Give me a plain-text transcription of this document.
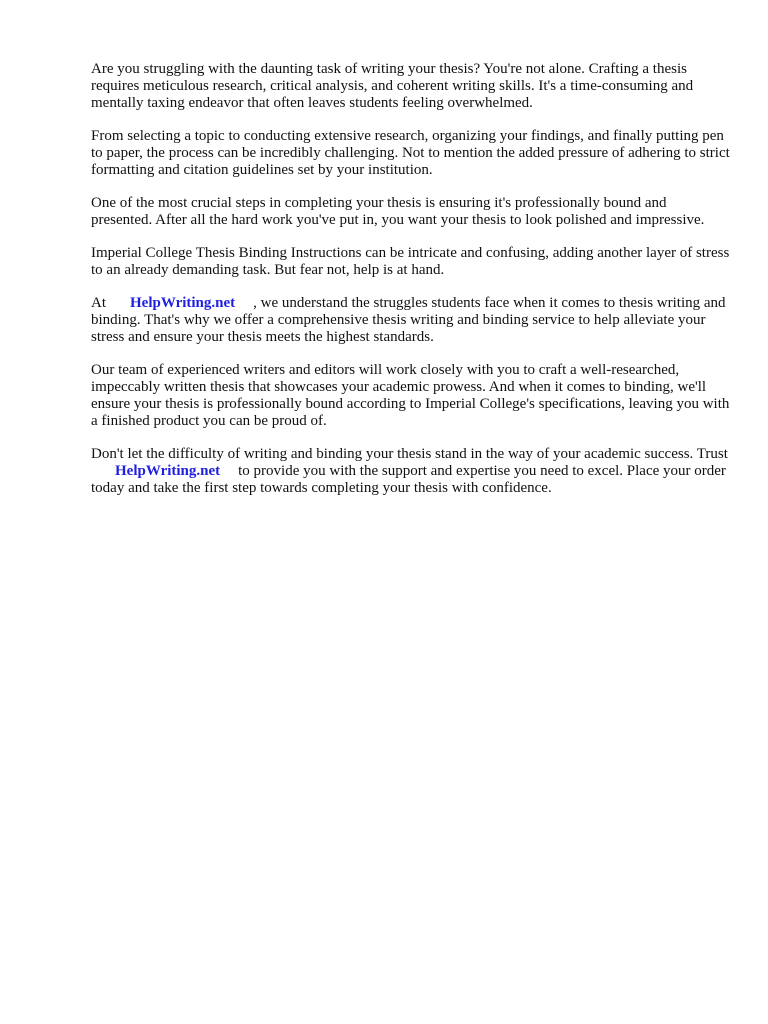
Are you struggling with the daunting task of writing your thesis? You're not alone. Crafting a thesis requires meticulous research, critical analysis, and coherent writing skills. It's a time-consuming and mentally taxing endeavor that often leaves students feeling overwhelmed.

From selecting a topic to conducting extensive research, organizing your findings, and finally putting pen to paper, the process can be incredibly challenging. Not to mention the added pressure of adhering to strict formatting and citation guidelines set by your institution.

One of the most crucial steps in completing your thesis is ensuring it's professionally bound and presented. After all the hard work you've put in, you want your thesis to look polished and impressive.

Imperial College Thesis Binding Instructions can be intricate and confusing, adding another layer of stress to an already demanding task. But fear not, help is at hand.

At HelpWriting.net , we understand the struggles students face when it comes to thesis writing and binding. That's why we offer a comprehensive thesis writing and binding service to help alleviate your stress and ensure your thesis meets the highest standards.

Our team of experienced writers and editors will work closely with you to craft a well-researched, impeccably written thesis that showcases your academic prowess. And when it comes to binding, we'll ensure your thesis is professionally bound according to Imperial College's specifications, leaving you with a finished product you can be proud of.

Don't let the difficulty of writing and binding your thesis stand in the way of your academic success. TrustHelpWriting.net to provide you with the support and expertise you need to excel. Place your order today and take the first step towards completing your thesis with confidence.
